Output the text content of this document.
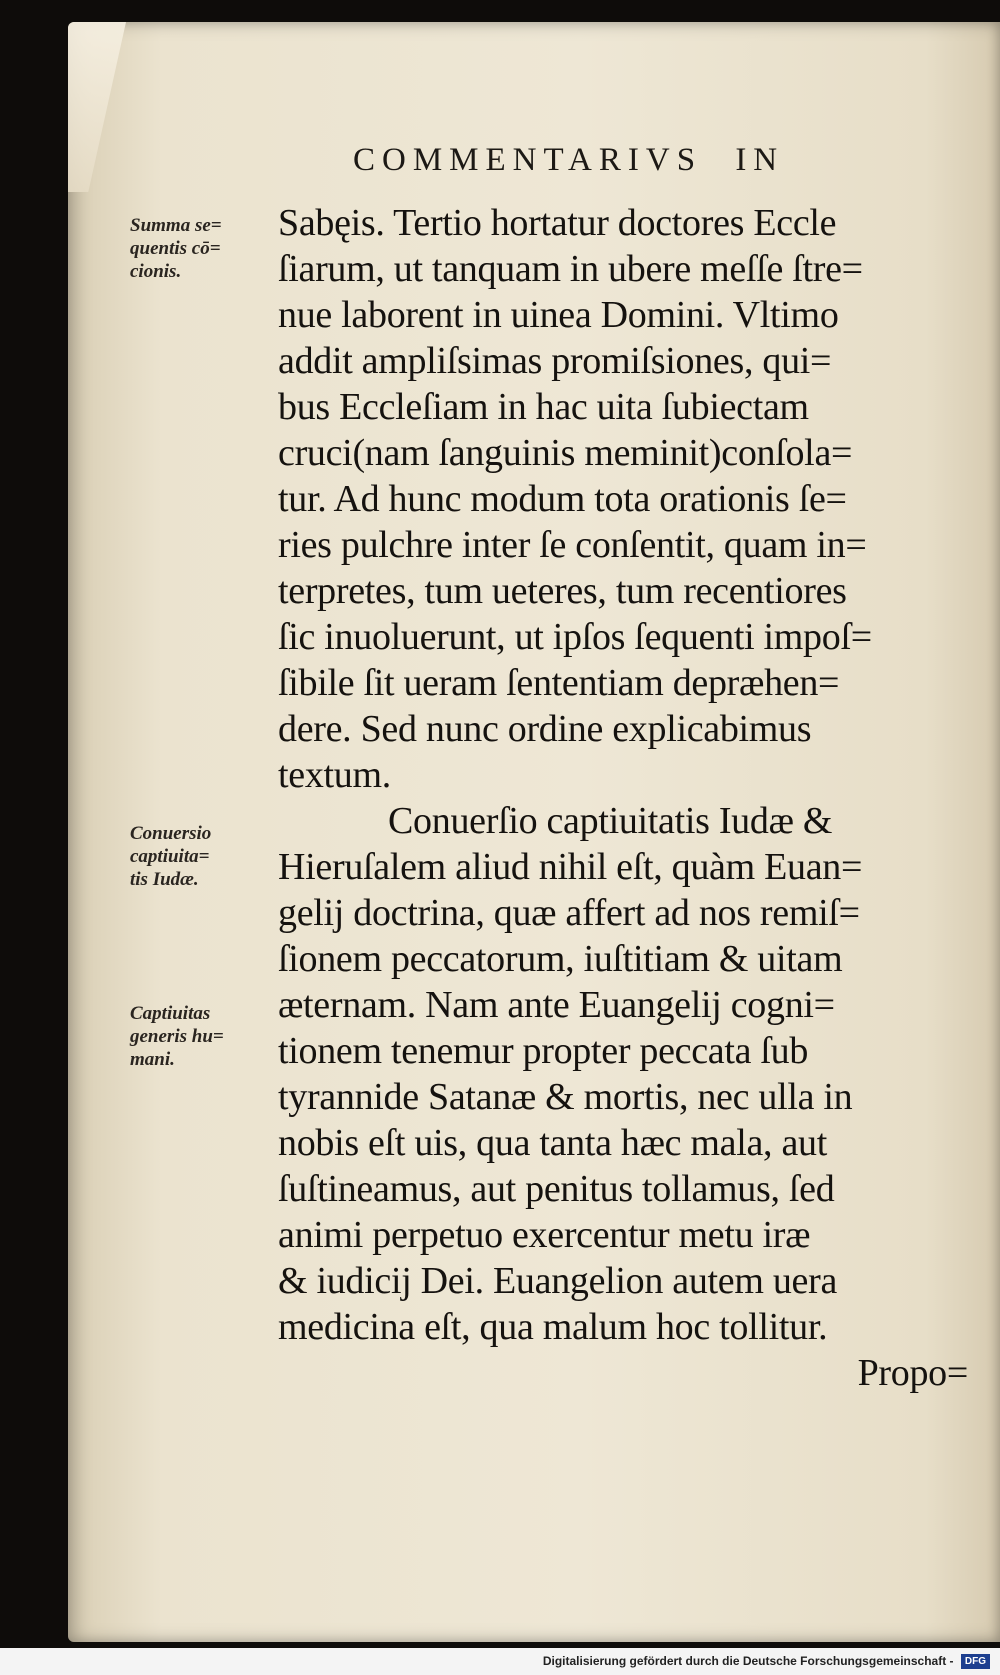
COMMENTARIVS IN
Summa se=
quentis cō=
cionis.
Conuersio
captiuita=
tis Iudæ.
Captiuitas
generis hu=
mani.
Sabęis. Tertio hortatur doctores Eccle
ſiarum, ut tanquam in ubere meſſe ſtre=
nue laborent in uinea Domini. Vltimo
addit ampliſsimas promiſsiones, qui=
bus Eccleſiam in hac uita ſubiectam
cruci(nam ſanguinis meminit)conſola=
tur. Ad hunc modum tota orationis ſe=
ries pulchre inter ſe conſentit, quam in=
terpretes, tum ueteres, tum recentiores
ſic inuoluerunt, ut ipſos ſequenti impoſ=
ſibile ſit ueram ſententiam depræhen=
dere. Sed nunc ordine explicabimus
textum.
Conuerſio captiuitatis Iudæ &
Hieruſalem aliud nihil eſt, quàm Euan=
gelij doctrina, quæ affert ad nos remiſ=
ſionem peccatorum, iuſtitiam & uitam
æternam. Nam ante Euangelij cogni=
tionem tenemur propter peccata ſub
tyrannide Satanæ & mortis, nec ulla in
nobis eſt uis, qua tanta hæc mala, aut
ſuſtineamus, aut penitus tollamus, ſed
animi perpetuo exercentur metu iræ
& iudicij Dei. Euangelion autem uera
medicina eſt, qua malum hoc tollitur.
Propo=
Digitalisierung gefördert durch die Deutsche Forschungsgemeinschaft - DFG
